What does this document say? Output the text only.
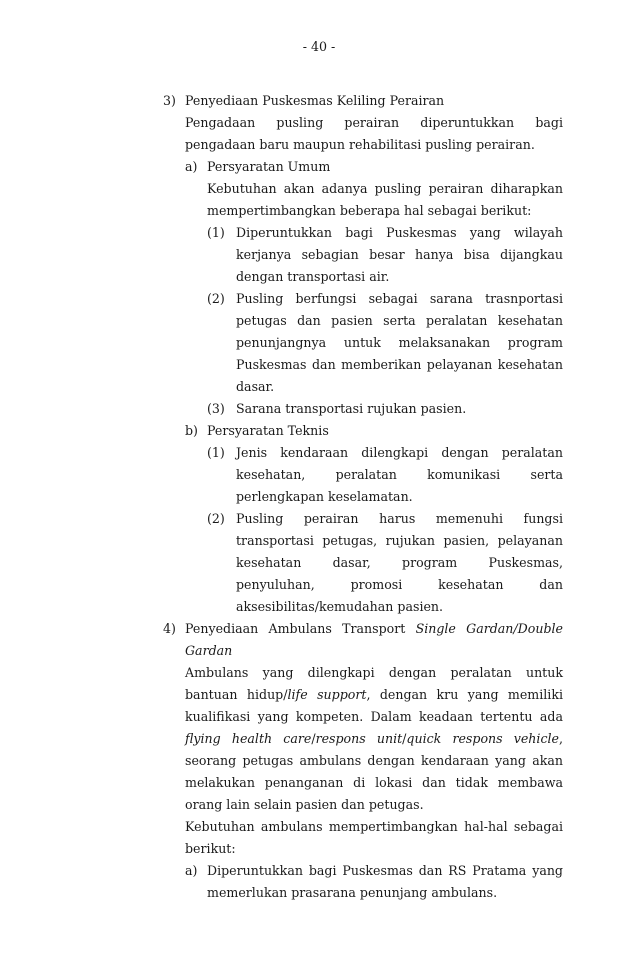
- 40 -
3) Penyediaan Puskesmas Keliling Perairan
Pengadaan pusling perairan diperuntukkan bagi pengadaan baru maupun rehabilitasi pusling perairan.
a) Persyaratan Umum
Kebutuhan akan adanya pusling perairan diharapkan mempertimbangkan beberapa hal sebagai berikut:
(1) Diperuntukkan bagi Puskesmas yang wilayah kerjanya sebagian besar hanya bisa dijangkau dengan transportasi air.
(2) Pusling berfungsi sebagai sarana trasnportasi petugas dan pasien serta peralatan kesehatan penunjangnya untuk melaksanakan program Puskesmas dan memberikan pelayanan kesehatan dasar.
(3) Sarana transportasi rujukan pasien.
b) Persyaratan Teknis
(1) Jenis kendaraan dilengkapi dengan peralatan kesehatan, peralatan komunikasi serta perlengkapan keselamatan.
(2) Pusling perairan harus memenuhi fungsi transportasi petugas, rujukan pasien, pelayanan kesehatan dasar, program Puskesmas, penyuluhan, promosi kesehatan dan aksesibilitas/kemudahan pasien.
4) Penyediaan Ambulans Transport Single Gardan/Double Gardan
Ambulans yang dilengkapi dengan peralatan untuk bantuan hidup/life support, dengan kru yang memiliki kualifikasi yang kompeten. Dalam keadaan tertentu ada flying health care/respons unit/quick respons vehicle, seorang petugas ambulans dengan kendaraan yang akan melakukan penanganan di lokasi dan tidak membawa orang lain selain pasien dan petugas.
Kebutuhan ambulans mempertimbangkan hal-hal sebagai berikut:
a) Diperuntukkan bagi Puskesmas dan RS Pratama yang memerlukan prasarana penunjang ambulans.
